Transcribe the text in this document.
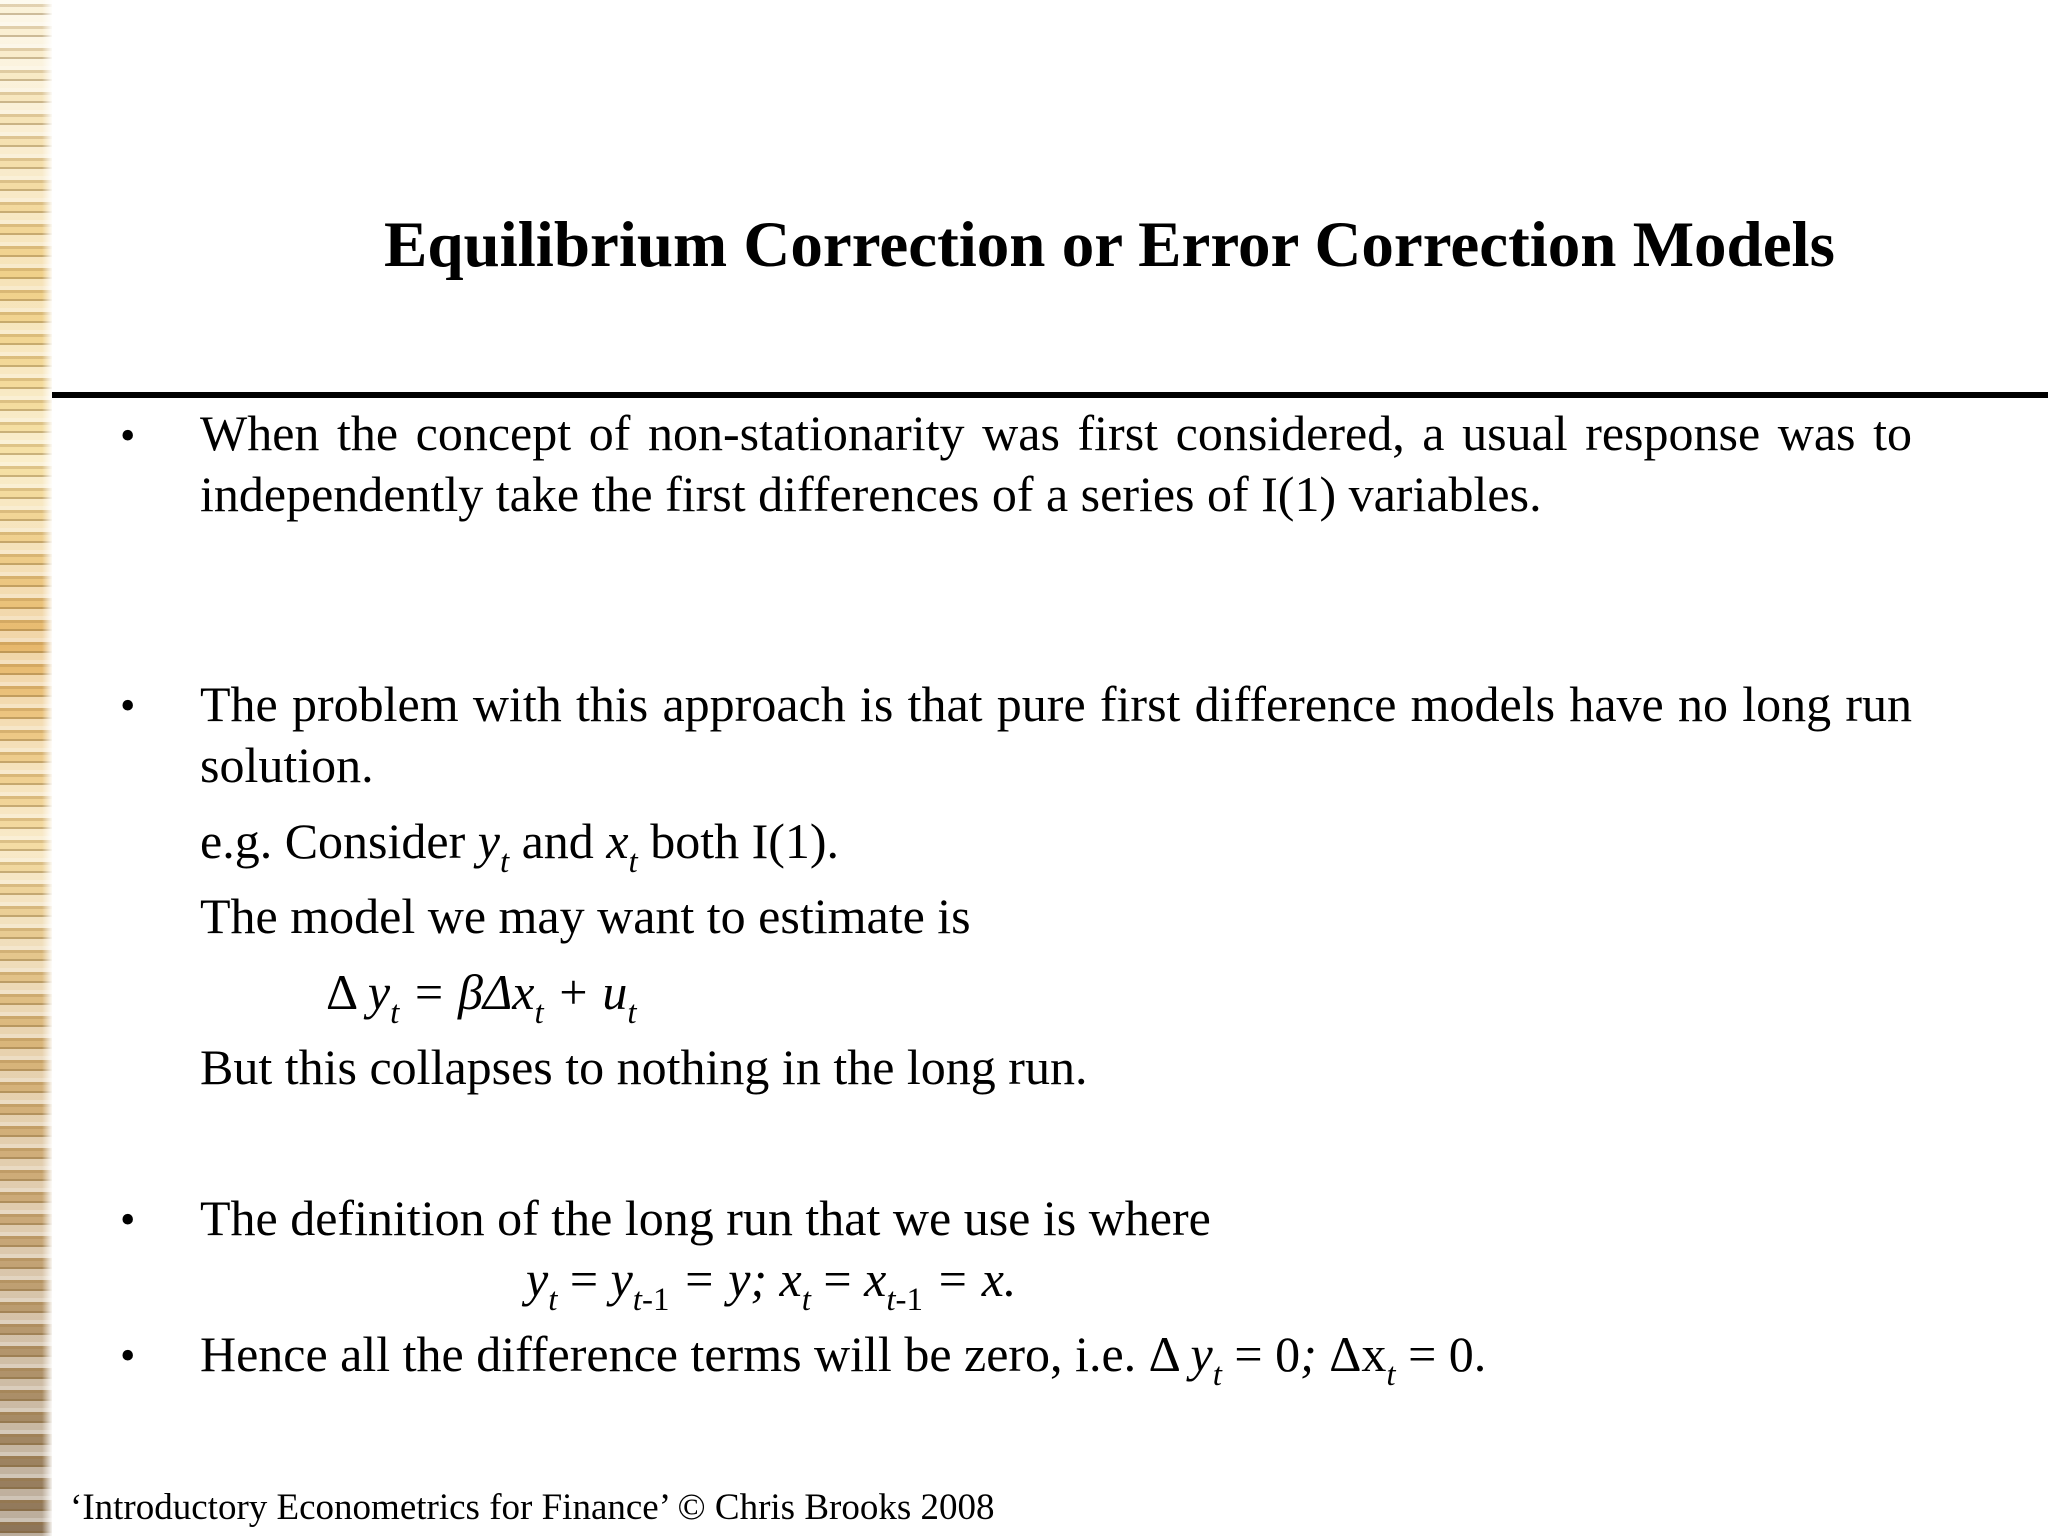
Equilibrium Correction or Error Correction Models
• When the concept of non-stationarity was first considered, a usual response was to independently take the first differences of a series of I(1) variables.

• The problem with this approach is that pure first difference models have no long run solution.

e.g. Consider $y_t$ and $x_t$ both I(1).
The model we may want to estimate is
Δ $y_t = \beta\Delta x_t + u_t$
But this collapses to nothing in the long run.
• The definition of the long run that we use is where
$y_t = y_{t-1} = y$; $x_t = x_{t-1} = x$.
• Hence all the difference terms will be zero, i.e. Δ $y_t = 0$; $\Delta x_t = 0$.
‘Introductory Econometrics for Finance’ © Chris Brooks 2008
